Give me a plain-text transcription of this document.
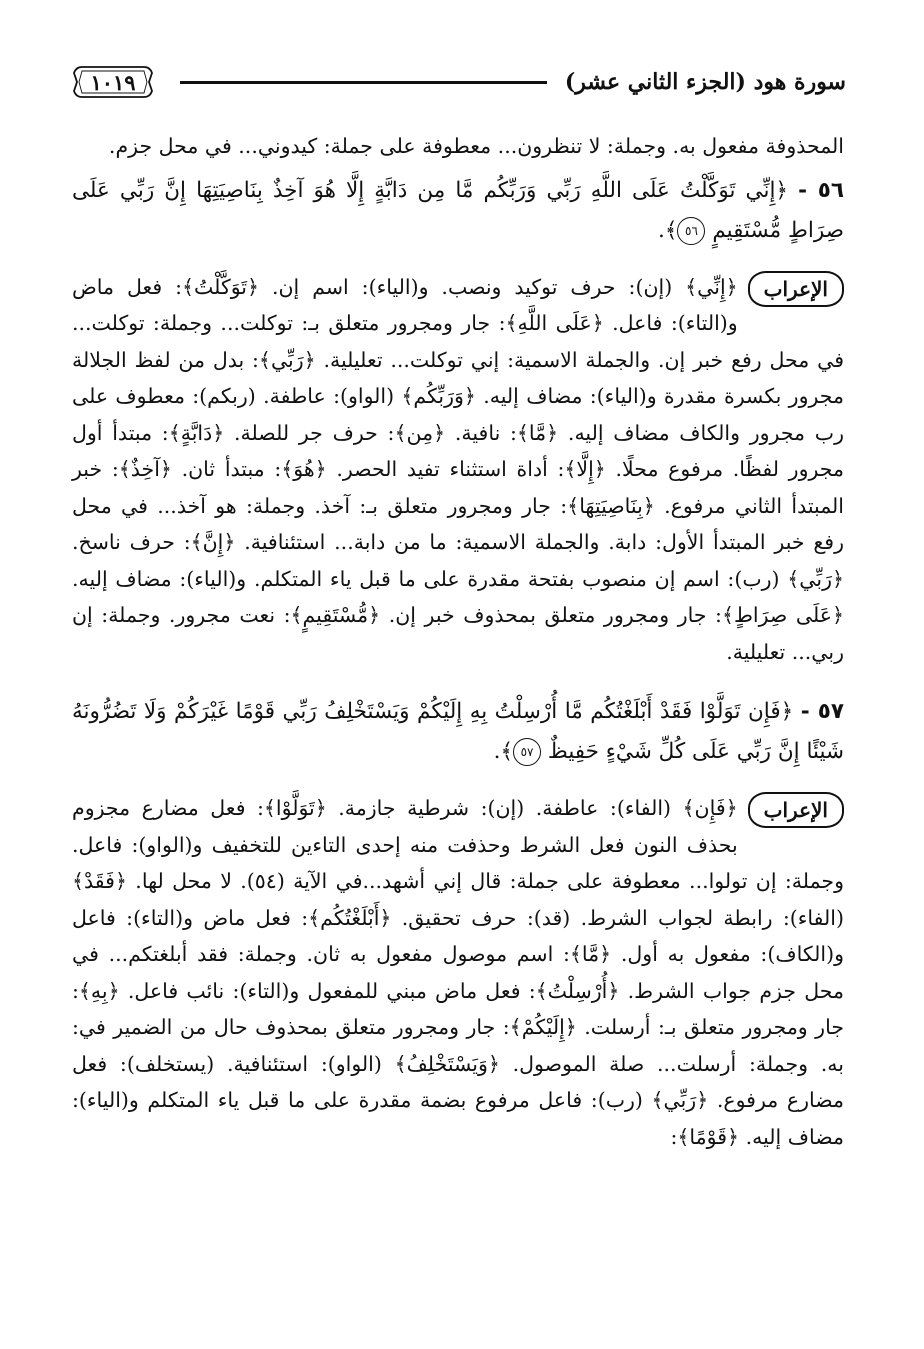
سورة هود (الجزء الثاني عشر)
١٠١٩

المحذوفة مفعول به. وجملة: لا تنظرون... معطوفة على جملة: كيدوني... في محل جزم.

٥٦ - ﴿إِنِّي تَوَكَّلْتُ عَلَى اللَّهِ رَبِّي وَرَبِّكُم مَّا مِن دَابَّةٍ إِلَّا هُوَ آخِذٌ بِنَاصِيَتِهَا إِنَّ رَبِّي عَلَى صِرَاطٍ مُّسْتَقِيمٍ ٥٦﴾.

الإعراب

﴿إِنِّي﴾ (إن): حرف توكيد ونصب. و(الياء): اسم إن. ﴿تَوَكَّلْتُ﴾: فعل ماض و(التاء): فاعل. ﴿عَلَى اللَّهِ﴾: جار ومجرور متعلق بـ: توكلت... وجملة: توكلت... في محل رفع خبر إن. والجملة الاسمية: إني توكلت... تعليلية. ﴿رَبِّي﴾: بدل من لفظ الجلالة مجرور بكسرة مقدرة و(الياء): مضاف إليه. ﴿وَرَبِّكُم﴾ (الواو): عاطفة. (ربكم): معطوف على رب مجرور والكاف مضاف إليه. ﴿مَّا﴾: نافية. ﴿مِن﴾: حرف جر للصلة. ﴿دَابَّةٍ﴾: مبتدأ أول مجرور لفظًا. مرفوع محلًا. ﴿إِلَّا﴾: أداة استثناء تفيد الحصر. ﴿هُوَ﴾: مبتدأ ثان. ﴿آخِذٌ﴾: خبر المبتدأ الثاني مرفوع. ﴿بِنَاصِيَتِهَا﴾: جار ومجرور متعلق بـ: آخذ. وجملة: هو آخذ... في محل رفع خبر المبتدأ الأول: دابة. والجملة الاسمية: ما من دابة... استئنافية. ﴿إِنَّ﴾: حرف ناسخ. ﴿رَبِّي﴾ (رب): اسم إن منصوب بفتحة مقدرة على ما قبل ياء المتكلم. و(الياء): مضاف إليه. ﴿عَلَى صِرَاطٍ﴾: جار ومجرور متعلق بمحذوف خبر إن. ﴿مُّسْتَقِيمٍ﴾: نعت مجرور. وجملة: إن ربي... تعليلية.

٥٧ - ﴿فَإِن تَوَلَّوْا فَقَدْ أَبْلَغْتُكُم مَّا أُرْسِلْتُ بِهِ إِلَيْكُمْ وَيَسْتَخْلِفُ رَبِّي قَوْمًا غَيْرَكُمْ وَلَا تَضُرُّونَهُ شَيْئًا إِنَّ رَبِّي عَلَى كُلِّ شَيْءٍ حَفِيظٌ ٥٧﴾.

الإعراب

﴿فَإِن﴾ (الفاء): عاطفة. (إن): شرطية جازمة. ﴿تَوَلَّوْا﴾: فعل مضارع مجزوم بحذف النون فعل الشرط وحذفت منه إحدى التاءين للتخفيف و(الواو): فاعل. وجملة: إن تولوا... معطوفة على جملة: قال إني أشهد...في الآية (٥٤). لا محل لها. ﴿فَقَدْ﴾ (الفاء): رابطة لجواب الشرط. (قد): حرف تحقيق. ﴿أَبْلَغْتُكُم﴾: فعل ماض و(التاء): فاعل و(الكاف): مفعول به أول. ﴿مَّا﴾: اسم موصول مفعول به ثان. وجملة: فقد أبلغتكم... في محل جزم جواب الشرط. ﴿أُرْسِلْتُ﴾: فعل ماض مبني للمفعول و(التاء): نائب فاعل. ﴿بِهِ﴾: جار ومجرور متعلق بـ: أرسلت. ﴿إِلَيْكُمْ﴾: جار ومجرور متعلق بمحذوف حال من الضمير في: به. وجملة: أرسلت... صلة الموصول. ﴿وَيَسْتَخْلِفُ﴾ (الواو): استئنافية. (يستخلف): فعل مضارع مرفوع. ﴿رَبِّي﴾ (رب): فاعل مرفوع بضمة مقدرة على ما قبل ياء المتكلم و(الياء): مضاف إليه. ﴿قَوْمًا﴾:
